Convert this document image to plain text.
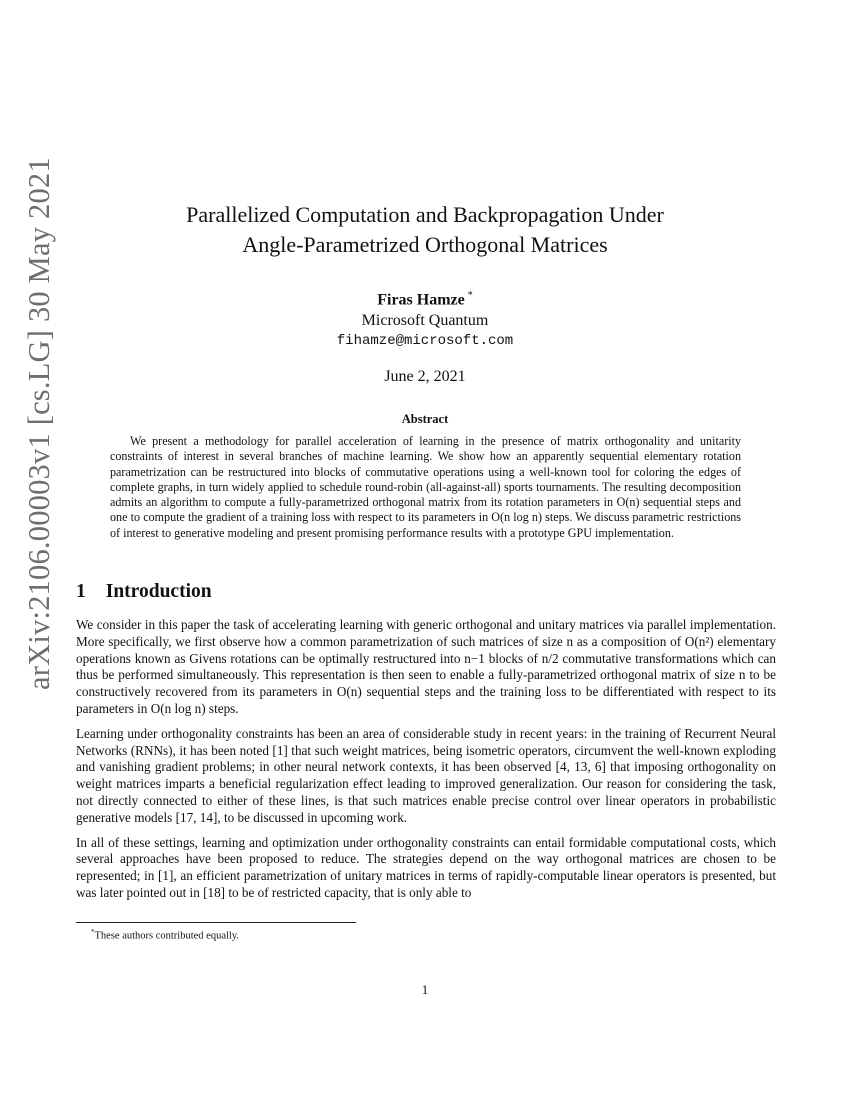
arXiv:2106.00003v1 [cs.LG] 30 May 2021	Parallelized Computation and Backpropagation Under
Angle-Parametrized Orthogonal Matrices
Firas Hamze *
Microsoft Quantum
fihamze@microsoft.com
June 2, 2021
Abstract
We present a methodology for parallel acceleration of learning in the presence of matrix orthogonality and unitarity constraints of interest in several branches of machine learning. We show how an apparently sequential elementary rotation parametrization can be restructured into blocks of commutative operations using a well-known tool for coloring the edges of complete graphs, in turn widely applied to schedule round-robin (all-against-all) sports tournaments. The resulting decomposition admits an algorithm to compute a fully-parametrized orthogonal matrix from its rotation parameters in O(n) sequential steps and one to compute the gradient of a training loss with respect to its parameters in O(n log n) steps. We discuss parametric restrictions of interest to generative modeling and present promising performance results with a prototype GPU implementation.
1 Introduction

We consider in this paper the task of accelerating learning with generic orthogonal and unitary matrices via parallel implementation. More specifically, we first observe how a common parametrization of such matrices of size n as a composition of O(n²) elementary operations known as Givens rotations can be optimally restructured into n−1 blocks of n/2 commutative transformations which can thus be performed simultaneously. This representation is then seen to enable a fully-parametrized orthogonal matrix of size n to be constructively recovered from its parameters in O(n) sequential steps and the training loss to be differentiated with respect to its parameters in O(n log n) steps.

Learning under orthogonality constraints has been an area of considerable study in recent years: in the training of Recurrent Neural Networks (RNNs), it has been noted [1] that such weight matrices, being isometric operators, circumvent the well-known exploding and vanishing gradient problems; in other neural network contexts, it has been observed [4, 13, 6] that imposing orthogonality on weight matrices imparts a beneficial regularization effect leading to improved generalization. Our reason for considering the task, not directly connected to either of these lines, is that such matrices enable precise control over linear operators in probabilistic generative models [17, 14], to be discussed in upcoming work.

In all of these settings, learning and optimization under orthogonality constraints can entail formidable computational costs, which several approaches have been proposed to reduce. The strategies depend on the way orthogonal matrices are chosen to be represented; in [1], an efficient parametrization of unitary matrices in terms of rapidly-computable linear operators is presented, but was later pointed out in [18] to be of restricted capacity, that is only able to

*These authors contributed equally.
1
